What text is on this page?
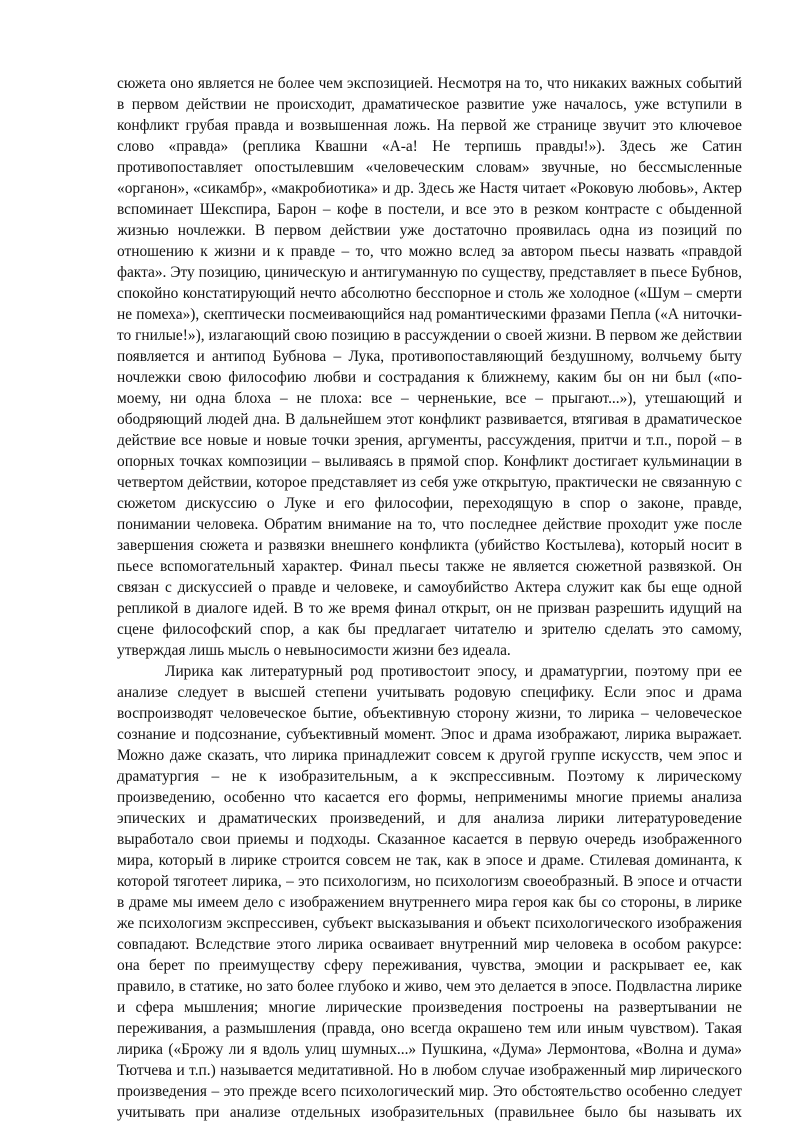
сюжета оно является не более чем экспозицией. Несмотря на то, что никаких важных событий в первом действии не происходит, драматическое развитие уже началось, уже вступили в конфликт грубая правда и возвышенная ложь. На первой же странице звучит это ключевое слово «правда» (реплика Квашни «А-а! Не терпишь правды!»). Здесь же Сатин противопоставляет опостылевшим «человеческим словам» звучные, но бессмысленные «органон», «сикамбр», «макробиотика» и др. Здесь же Настя читает «Роковую любовь», Актер вспоминает Шекспира, Барон – кофе в постели, и все это в резком контрасте с обыденной жизнью ночлежки. В первом действии уже достаточно проявилась одна из позиций по отношению к жизни и к правде – то, что можно вслед за автором пьесы назвать «правдой факта». Эту позицию, циническую и антигуманную по существу, представляет в пьесе Бубнов, спокойно констатирующий нечто абсолютно бесспорное и столь же холодное («Шум – смерти не помеха»), скептически посмеивающийся над романтическими фразами Пепла («А ниточки-то гнилые!»), излагающий свою позицию в рассуждении о своей жизни. В первом же действии появляется и антипод Бубнова – Лука, противопоставляющий бездушному, волчьему быту ночлежки свою философию любви и сострадания к ближнему, каким бы он ни был («по-моему, ни одна блоха – не плоха: все – черненькие, все – прыгают...»), утешающий и ободряющий людей дна. В дальнейшем этот конфликт развивается, втягивая в драматическое действие все новые и новые точки зрения, аргументы, рассуждения, притчи и т.п., порой – в опорных точках композиции – выливаясь в прямой спор. Конфликт достигает кульминации в четвертом действии, которое представляет из себя уже открытую, практически не связанную с сюжетом дискуссию о Луке и его философии, переходящую в спор о законе, правде, понимании человека. Обратим внимание на то, что последнее действие проходит уже после завершения сюжета и развязки внешнего конфликта (убийство Костылева), который носит в пьесе вспомогательный характер. Финал пьесы также не является сюжетной развязкой. Он связан с дискуссией о правде и человеке, и самоубийство Актера служит как бы еще одной репликой в диалоге идей. В то же время финал открыт, он не призван разрешить идущий на сцене философский спор, а как бы предлагает читателю и зрителю сделать это самому, утверждая лишь мысль о невыносимости жизни без идеала.

Лирика как литературный род противостоит эпосу, и драматургии, поэтому при ее анализе следует в высшей степени учитывать родовую специфику. Если эпос и драма воспроизводят человеческое бытие, объективную сторону жизни, то лирика – человеческое сознание и подсознание, субъективный момент. Эпос и драма изображают, лирика выражает. Можно даже сказать, что лирика принадлежит совсем к другой группе искусств, чем эпос и драматургия – не к изобразительным, а к экспрессивным. Поэтому к лирическому произведению, особенно что касается его формы, неприменимы многие приемы анализа эпических и драматических произведений, и для анализа лирики литературоведение выработало свои приемы и подходы. Сказанное касается в первую очередь изображенного мира, который в лирике строится совсем не так, как в эпосе и драме. Стилевая доминанта, к которой тяготеет лирика, – это психологизм, но психологизм своеобразный. В эпосе и отчасти в драме мы имеем дело с изображением внутреннего мира героя как бы со стороны, в лирике же психологизм экспрессивен, субъект высказывания и объект психологического изображения совпадают. Вследствие этого лирика осваивает внутренний мир человека в особом ракурсе: она берет по преимуществу сферу переживания, чувства, эмоции и раскрывает ее, как правило, в статике, но зато более глубоко и живо, чем это делается в эпосе. Подвластна лирике и сфера мышления; многие лирические произведения построены на развертывании не переживания, а размышления (правда, оно всегда окрашено тем или иным чувством). Такая лирика («Брожу ли я вдоль улиц шумных...» Пушкина, «Дума» Лермонтова, «Волна и дума» Тютчева и т.п.) называется медитативной. Но в любом случае изображенный мир лирического произведения – это прежде всего психологический мир. Это обстоятельство особенно следует учитывать при анализе отдельных изобразительных (правильнее было бы называть их
